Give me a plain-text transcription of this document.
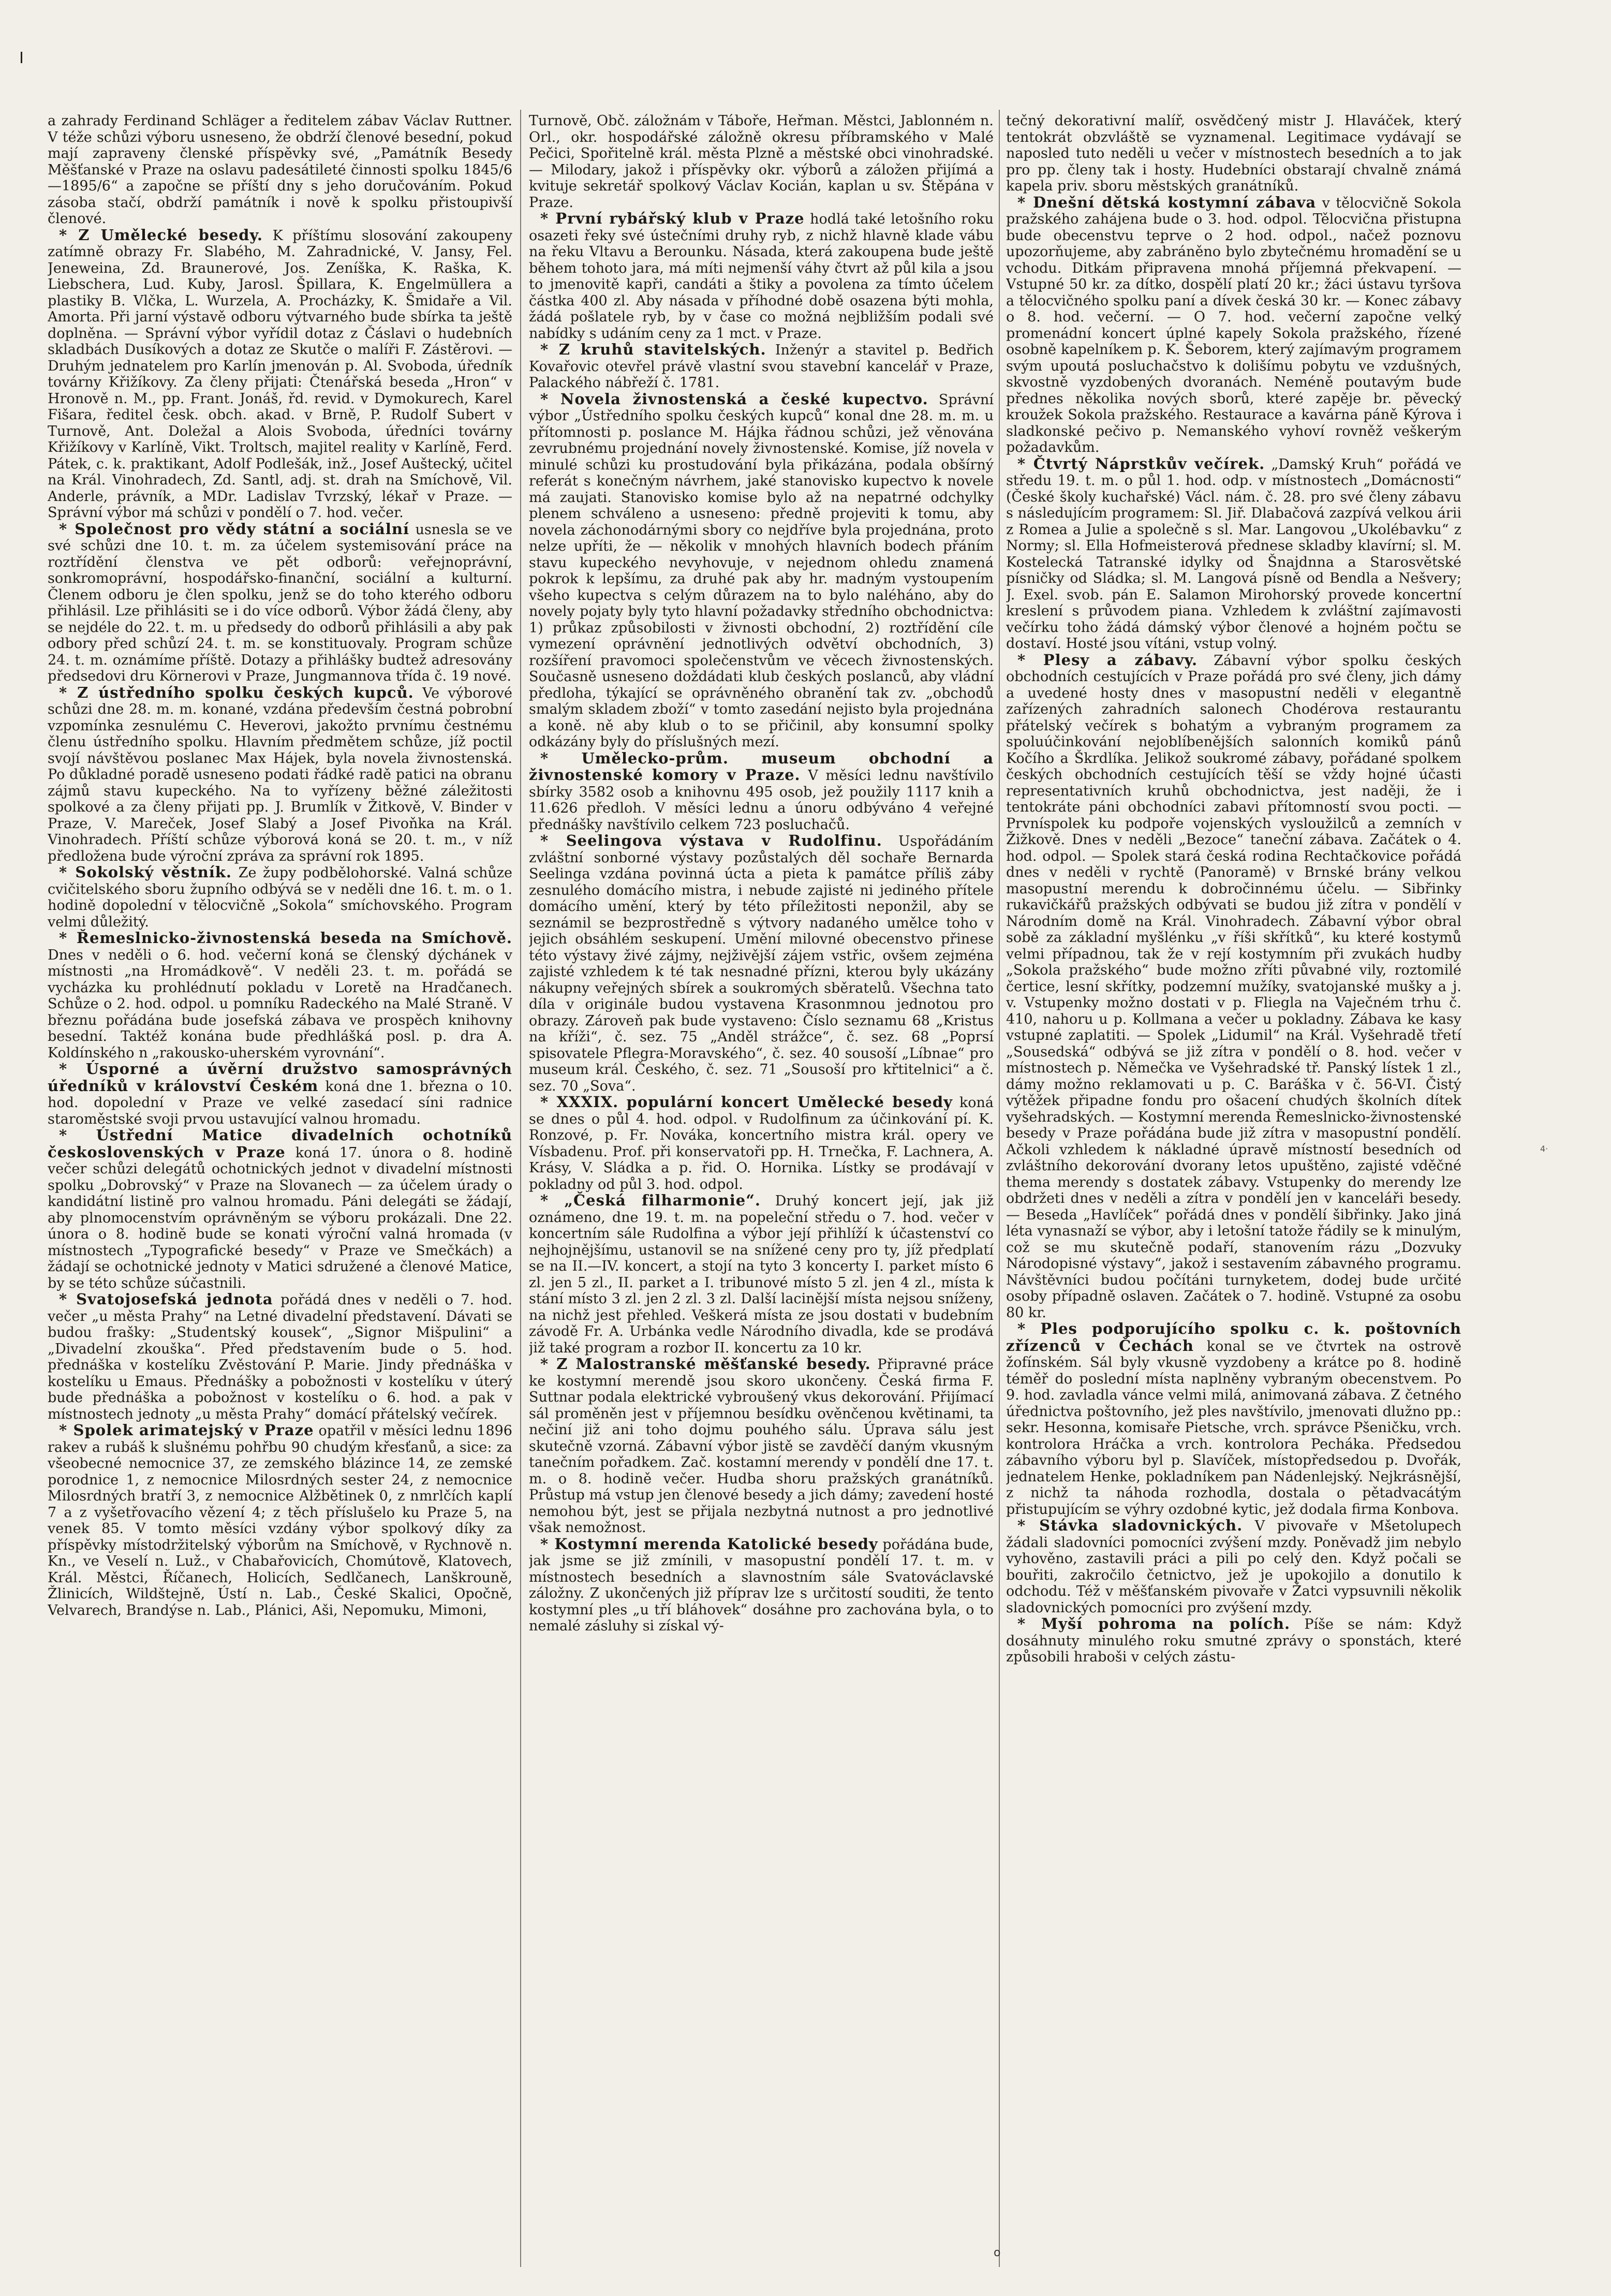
a zahrady Ferdinand Schläger a ředitelem zábav Václav Ruttner. V téže schůzi výboru usneseno, že obdrží členové besední, pokud mají zapraveny členské příspěvky své, „Památník Besedy Měšťanské v Praze na oslavu padesátileté činnosti spolku 1845/6—1895/6“ a započne se příští dny s jeho doručováním. Pokud zásoba stačí, obdrží památník i nově k spolku přistoupivší členové.

* Z Umělecké besedy. K příštímu slosování zakoupeny zatímně obrazy Fr. Slabého, M. Zahradnické, V. Jansy, Fel. Jeneweina, Zd. Braunerové, Jos. Zeníška, K. Raška, K. Liebschera, Lud. Kuby, Jarosl. Špillara, K. Engelmüllera a plastiky B. Vlčka, L. Wurzela, A. Procházky, K. Šmidaře a Vil. Amorta. Při jarní výstavě odboru výtvarného bude sbírka ta ještě doplněna. — Správní výbor vyřídil dotaz z Čáslavi o hudebních skladbách Dusíkových a dotaz ze Skutče o malíři F. Zástěrovi. — Druhým jednatelem pro Karlín jmenován p. Al. Svoboda, úředník továrny Křižíkovy. Za členy přijati: Čtenářská beseda „Hron“ v Hronově n. M., pp. Frant. Jonáš, řd. revid. v Dymokurech, Karel Fišara, ředitel česk. obch. akad. v Brně, P. Rudolf Subert v Turnově, Ant. Doležal a Alois Svoboda, úředníci továrny Křižíkovy v Karlíně, Vikt. Troltsch, majitel reality v Karlíně, Ferd. Pátek, c. k. praktikant, Adolf Podlešák, inž., Josef Auštecký, učitel na Král. Vinohradech, Zd. Santl, adj. st. drah na Smíchově, Vil. Anderle, právník, a MDr. Ladislav Tvrzský, lékař v Praze. — Správní výbor má schůzi v pondělí o 7. hod. večer.

* Společnost pro vědy státní a sociální usnesla se ve své schůzi dne 10. t. m. za účelem systemisování práce na roztřídění členstva ve pět odborů: veřejnoprávní, sonkromoprávní, hospodářsko-finanční, sociální a kulturní. Členem odboru je člen spolku, jenž se do toho kterého odboru přihlásil. Lze přihlásiti se i do více odborů. Výbor žádá členy, aby se nejdéle do 22. t. m. u předsedy do odborů přihlásili a aby pak odbory před schůzí 24. t. m. se konstituovaly. Program schůze 24. t. m. oznámíme příště. Dotazy a přihlášky budtež adresovány předsedovi dru Körnerovi v Praze, Jungmannova třída č. 19 nové.

* Z ústředního spolku českých kupců. Ve výborové schůzi dne 28. m. m. konané, vzdána především čestná pobrobní vzpomínka zesnulému C. Heverovi, jakožto prvnímu čestnému členu ústředního spolku. Hlavním předmětem schůze, jíž poctil svojí návštěvou poslanec Max Hájek, byla novela živnostenská. Po důkladné poradě usneseno podati řádké radě patici na obranu zájmů stavu kupeckého. Na to vyřízeny běžné záležitosti spolkové a za členy přijati pp. J. Brumlík v Žitkově, V. Binder v Praze, V. Mareček, Josef Slabý a Josef Pivoňka na Král. Vinohradech. Příští schůze výborová koná se 20. t. m., v níž předložena bude výroční zpráva za správní rok 1895.

* Sokolský věstník. Ze župy podbělohorské. Valná schůze cvičitelského sboru župního odbývá se v neděli dne 16. t. m. o 1. hodině dopolední v tělocvičně „Sokola“ smíchovského. Program velmi důležitý.

* Řemeslnicko-živnostenská beseda na Smíchově. Dnes v neděli o 6. hod. večerní koná se členský dýchánek v místnosti „na Hromádkově“. V neděli 23. t. m. pořádá se vycházka ku prohlédnutí pokladu v Loretě na Hradčanech. Schůze o 2. hod. odpol. u pomníku Radeckého na Malé Straně. V březnu pořádána bude josefská zábava ve prospěch knihovny besední. Taktéž konána bude předhlášká posl. p. dra A. Koldínského n „rakousko-uherském vyrovnání“.

* Úsporné a úvěrní družstvo samosprávných úředníků v království Českém koná dne 1. března o 10. hod. dopolední v Praze ve velké zasedací síni radnice staroměstské svoji prvou ustavující valnou hromadu.

* Ústřední Matice divadelních ochotníků československých v Praze koná 17. února o 8. hodině večer schůzi delegátů ochotnických jednot v divadelní místnosti spolku „Dobrovský“ v Praze na Slovanech — za účelem úrady o kandidátní listině pro valnou hromadu. Páni delegáti se žádají, aby plnomocenstvím oprávněným se výboru prokázali. Dne 22. února o 8. hodině bude se konati výroční valná hromada (v místnostech „Typografické besedy“ v Praze ve Smečkách) a žádají se ochotnické jednoty v Matici sdružené a členové Matice, by se této schůze súčastnili.

* Svatojosefská jednota pořádá dnes v neděli o 7. hod. večer „u města Prahy“ na Letné divadelní představení. Dávati se budou frašky: „Studentský kousek“, „Signor Mišpulini“ a „Divadelní zkouška“. Před představením bude o 5. hod. přednáška v kostelíku Zvěstování P. Marie. Jindy přednáška v kostelíku u Emaus. Přednášky a pobožnosti v kostelíku v úterý bude přednáška a pobožnost v kostelíku o 6. hod. a pak v místnostech jednoty „u města Prahy“ domácí přátelský večírek.

* Spolek arimatejský v Praze opatřil v měsíci lednu 1896 rakev a rubáš k slušnému pohřbu 90 chudým křesťanů, a sice: za všeobecné nemocnice 37, ze zemského blázince 14, ze zemské porodnice 1, z nemocnice Milosrdných sester 24, z nemocnice Milosrdných bratří 3, z nemocnice Alžbětinek 0, z nmrlčích kaplí 7 a z vyšetřovacího vězení 4; z těch příslušelo ku Praze 5, na venek 85. V tomto měsíci vzdány výbor spolkový díky za příspěvky místodržitelský výborům na Smíchově, v Rychnově n. Kn., ve Veselí n. Luž., v Chabařovicích, Chomútově, Klatovech, Král. Městci, Říčanech, Holicích, Sedlčanech, Lanškrouně, Žlinicích, Wildštejně, Ústí n. Lab., České Skalici, Opočně, Velvarech, Brandýse n. Lab., Plánici, Aši, Nepomuku, Mimoni,

Turnově, Obč. záložnám v Táboře, Heřman. Městci, Jablonném n. Orl., okr. hospodářské záložně okresu příbramského v Malé Pečici, Spořitelně král. města Plzně a městské obci vinohradské. — Milodary, jakož i příspěvky okr. výborů a záložen přijímá a kvituje sekretář spolkový Václav Kocián, kaplan u sv. Štěpána v Praze.

* První rybářský klub v Praze hodlá také letošního roku osazeti řeky své ústečními druhy ryb, z nichž hlavně klade vábu na řeku Vltavu a Berounku. Násada, která zakoupena bude ještě během tohoto jara, má míti nejmenší váhy čtvrt až půl kila a jsou to jmenovitě kapři, candáti a štiky a povolena za tímto účelem částka 400 zl. Aby násada v příhodné době osazena býti mohla, žádá pošlatele ryb, by v čase co možná nejbližším podali své nabídky s udáním ceny za 1 mct. v Praze.

* Z kruhů stavitelských. Inženýr a stavitel p. Bedřich Kovařovic otevřel právě vlastní svou stavební kancelář v Praze, Palackého nábřeží č. 1781.

* Novela živnostenská a české kupectvo. Správní výbor „Ústředního spolku českých kupců“ konal dne 28. m. m. u přítomnosti p. poslance M. Hájka řádnou schůzi, jež věnována zevrubnému projednání novely živnostenské. Komise, jíž novela v minulé schůzi ku prostudování byla přikázána, podala obšírný referát s konečným návrhem, jaké stanovisko kupectvo k novele má zaujati. Stanovisko komise bylo až na nepatrné odchylky plenem schváleno a usneseno: předně projeviti k tomu, aby novela záchonodárnými sbory co nejdříve byla projednána, proto nelze upříti, že — několik v mnohých hlavních bodech přáním stavu kupeckého nevyhovuje, v nejednom ohledu znamená pokrok k lepšímu, za druhé pak aby hr. madným vystoupením všeho kupectva s celým důrazem na to bylo naléháno, aby do novely pojaty byly tyto hlavní požadavky středního obchodnictva: 1) průkaz způsobilosti v živnosti obchodní, 2) roztřídění cíle vymezení oprávnění jednotlivých odvětví obchodních, 3) rozšíření pravomoci společenstvům ve věcech živnostenských. Současně usneseno doždádati klub českých poslanců, aby vládní předloha, týkající se oprávněného obranění tak zv. „obchodů smalým skladem zboží“ v tomto zasedání nejisto byla projednána a koně. ně aby klub o to se přičinil, aby konsumní spolky odkázány byly do příslušných mezí.

* Umělecko-prům. museum obchodní a živnostenské komory v Praze. V měsíci lednu navštívilo sbírky 3582 osob a knihovnu 495 osob, jež použily 1117 knih a 11.626 předloh. V měsíci lednu a únoru odbýváno 4 veřejné přednášky navštívilo celkem 723 posluchačů.

* Seelingova výstava v Rudolfinu. Uspořádáním zvláštní sonborné výstavy pozůstalých děl sochaře Bernarda Seelinga vzdána povinná úcta a pieta k památce příliš záby zesnulého domácího mistra, i nebude zajisté ni jediného přítele domácího umění, který by této příležitosti neponžil, aby se seznámil se bezprostředně s výtvory nadaného umělce toho v jejich obsáhlém seskupení. Umění milovné obecenstvo přinese této výstavy živé zájmy, nejživější zájem vstřic, ovšem zejména zajisté vzhledem k té tak nesnadné přízni, kterou byly ukázány nákupny veřejných sbírek a soukromých sběratelů. Všechna tato díla v originále budou vystavena Krasonmnou jednotou pro obrazy. Zároveň pak bude vystaveno: Číslo seznamu 68 „Kristus na kříži“, č. sez. 75 „Anděl strážce“, č. sez. 68 „Poprsí spisovatele Pflegra-Moravského“, č. sez. 40 sousoší „Líbnae“ pro museum král. Českého, č. sez. 71 „Sousoší pro křtitelnici“ a č. sez. 70 „Sova“.

* XXXIX. populární koncert Umělecké besedy koná se dnes o půl 4. hod. odpol. v Rudolfinum za účinkování pí. K. Ronzové, p. Fr. Nováka, koncertního mistra král. opery ve Vísbadenu. Prof. při konservatoři pp. H. Trnečka, F. Lachnera, A. Krásy, V. Sládka a p. řid. O. Hornika. Lístky se prodávají v pokladny od půl 3. hod. odpol.

* „Česká filharmonie“. Druhý koncert její, jak již oznámeno, dne 19. t. m. na popeleční středu o 7. hod. večer v koncertním sále Rudolfina a výbor její přihlíží k účastenství co nejhojnějšímu, ustanovil se na snížené ceny pro ty, jíž předplatí se na II.—IV. koncert, a stojí na tyto 3 koncerty I. parket místo 6 zl. jen 5 zl., II. parket a I. tribunové místo 5 zl. jen 4 zl., místa k stání místo 3 zl. jen 2 zl. 3 zl. Další lacinější místa nejsou sníženy, na nichž jest přehled. Veškerá místa ze jsou dostati v budebním závodě Fr. A. Urbánka vedle Národního divadla, kde se prodává již také program a rozbor II. koncertu za 10 kr.

* Z Malostranské měšťanské besedy. Připravné práce ke kostymní merendě jsou skoro ukončeny. Česká firma F. Suttnar podala elektrické vybroušený vkus dekorování. Přijímací sál proměněn jest v příjemnou besídku ověnčenou květinami, ta nečiní již ani toho dojmu pouhého sálu. Úprava sálu jest skutečně vzorná. Zábavní výbor jistě se zavděčí daným vkusným tanečním pořadkem. Zač. kostamní merendy v pondělí dne 17. t. m. o 8. hodině večer. Hudba shoru pražských granátníků. Průstup má vstup jen členové besedy a jich dámy; zavedení hosté nemohou být, jest se přijala nezbytná nutnost a pro jednotlivé však nemožnost.

* Kostymní merenda Katolické besedy pořádána bude, jak jsme se již zmínili, v masopustní pondělí 17. t. m. v místnostech besedních a slavnostním sále Svatováclavské záložny. Z ukončených již příprav lze s určitostí souditi, že tento kostymní ples „u tří bláhovek“ dosáhne pro zachována byla, o to nemalé zásluhy si získal vý-

tečný dekorativní malíř, osvědčený mistr J. Hlaváček, který tentokrát obzvláště se vyznamenal. Legitimace vydávají se naposled tuto neděli u večer v místnostech besedních a to jak pro pp. členy tak i hosty. Hudebníci obstarají chvalně známá kapela priv. sboru městských granátníků.

* Dnešní dětská kostymní zábava v tělocvičně Sokola pražského zahájena bude o 3. hod. odpol. Tělocvična přistupna bude obecenstvu teprve o 2 hod. odpol., načež poznovu upozorňujeme, aby zabráněno bylo zbytečnému hromadění se u vchodu. Ditkám připravena mnohá příjemná překvapení. — Vstupné 50 kr. za dítko, dospělí platí 20 kr.; žáci ústavu tyršova a tělocvičného spolku paní a dívek česká 30 kr. — Konec zábavy o 8. hod. večerní. — O 7. hod. večerní započne velký promenádní koncert úplné kapely Sokola pražského, řízené osobně kapelníkem p. K. Šeborem, který zajímavým programem svým upoutá posluchačstvo k dolišímu pobytu ve vzdušných, skvostně vyzdobených dvoranách. Neméně poutavým bude přednes několika nových sborů, které zapěje br. pěvecký kroužek Sokola pražského. Restaurace a kavárna páně Kýrova i sladkonské pečivo p. Nemanského vyhoví rovněž veškerým požadavkům.

* Čtvrtý Náprstkův večírek. „Damský Kruh“ pořádá ve středu 19. t. m. o půl 1. hod. odp. v místnostech „Domácnosti“ (České školy kuchařské) Václ. nám. č. 28. pro své členy zábavu s následujícím programem: Sl. Jiř. Dlabačová zazpívá velkou árii z Romea a Julie a společně s sl. Mar. Langovou „Ukolébavku“ z Normy; sl. Ella Hofmeisterová přednese skladby klavírní; sl. M. Kostelecká Tatranské idylky od Šnajdnna a Starosvětské písničky od Sládka; sl. M. Langová písně od Bendla a Nešvery; J. Exel. svob. pán E. Salamon Mirohorský provede koncertní kreslení s průvodem piana. Vzhledem k zvláštní zajímavosti večírku toho žádá dámský výbor členové a hojném počtu se dostaví. Hosté jsou vítáni, vstup volný.

* Plesy a zábavy. Zábavní výbor spolku českých obchodních cestujících v Praze pořádá pro své členy, jich dámy a uvedené hosty dnes v masopustní neděli v elegantně zařízených zahradních salonech Chodérova restaurantu přátelský večírek s bohatým a vybraným programem za spoluúčinkování nejoblíbenějších salonních komiků pánů Kočího a Škrdlíka. Jelikož soukromé zábavy, pořádané spolkem českých obchodních cestujících těší se vždy hojné účasti representativních kruhů obchodnictva, jest naději, že i tentokráte páni obchodníci zabavi přítomností svou pocti. — Prvníspolek ku podpoře vojenských vysloužilců a zemních v Žižkově. Dnes v neděli „Bezoce“ taneční zábava. Začátek o 4. hod. odpol. — Spolek stará česká rodina Rechtačkovice pořádá dnes v neděli v rychtě (Panoramě) v Brnské brány velkou masopustní merendu k dobročinnému účelu. — Sibřinky rukavičkářů pražských odbývati se budou již zítra v pondělí v Národním domě na Král. Vinohradech. Zábavní výbor obral sobě za základní myšlénku „v říši skřítků“, ku které kostymů velmi případnou, tak že v rejí kostymním při zvukách hudby „Sokola pražského“ bude možno zříti půvabné vily, roztomilé čertice, lesní skřítky, podzemní mužíky, svatojanské mušky a j. v. Vstupenky možno dostati v p. Fliegla na Vaječném trhu č. 410, nahoru u p. Kollmana a večer u pokladny. Zábava ke kasy vstupné zaplatiti. — Spolek „Lidumil“ na Král. Vyšehradě třetí „Sousedská“ odbývá se již zítra v pondělí o 8. hod. večer v místnostech p. Němečka ve Vyšehradské tř. Panský lístek 1 zl., dámy možno reklamovati u p. C. Baráška v č. 56-VI. Čistý výtěžek připadne fondu pro ošacení chudých školních dítek vyšehradských. — Kostymní merenda Řemeslnicko-živnostenské besedy v Praze pořádána bude již zítra v masopustní pondělí. Ačkoli vzhledem k nákladné úpravě místností besedních od zvláštního dekorování dvorany letos upuštěno, zajisté vděčné thema merendy s dostatek zábavy. Vstupenky do merendy lze obdržeti dnes v neděli a zítra v pondělí jen v kanceláři besedy. — Beseda „Havlíček“ pořádá dnes v pondělí šibřinky. Jako jiná léta vynasnaží se výbor, aby i letošní tatože řádily se k minulým, což se mu skutečně podaří, stanovením rázu „Dozvuky Národopisné výstavy“, jakož i sestavením zábavného programu. Návštěvníci budou počítáni turnyketem, dodej bude určité osoby případně oslaven. Začátek o 7. hodině. Vstupné za osobu 80 kr.

* Ples podporujícího spolku c. k. poštovních zřízenců v Čechách konal se ve čtvrtek na ostrově žofínském. Sál byly vkusně vyzdobeny a krátce po 8. hodině téměř do poslední místa naplněny vybraným obecenstvem. Po 9. hod. zavladla vánce velmi milá, animovaná zábava. Z četného úřednictva poštovního, jež ples navštívilo, jmenovati dlužno pp.: sekr. Hesonna, komisaře Pietsche, vrch. správce Pšeničku, vrch. kontrolora Hráčka a vrch. kontrolora Pecháka. Předsedou zábavního výboru byl p. Slavíček, místopředsedou p. Dvořák, jednatelem Henke, pokladníkem pan Nádenlejský. Nejkrásnější, z nichž ta náhoda rozhodla, dostala o pětadvacátým přistupujícím se výhry ozdobné kytic, jež dodala firma Konbova.

* Stávka sladovnických. V pivovaře v Mšetolupech žádali sladovníci pomocníci zvýšení mzdy. Poněvadž jim nebylo vyhověno, zastavili práci a pili po celý den. Když počali se bouřiti, zakročilo četnictvo, jež je upokojilo a donutilo k odchodu. Též v měšťanském pivovaře v Žatci vypsuvnili několik sladovnických pomocníci pro zvýšení mzdy.

* Myší pohroma na polích. Píše se nám: Když dosáhnuty minulého roku smutné zprávy o sponstách, které způsobili hraboši v celých zástu-

4·
o
